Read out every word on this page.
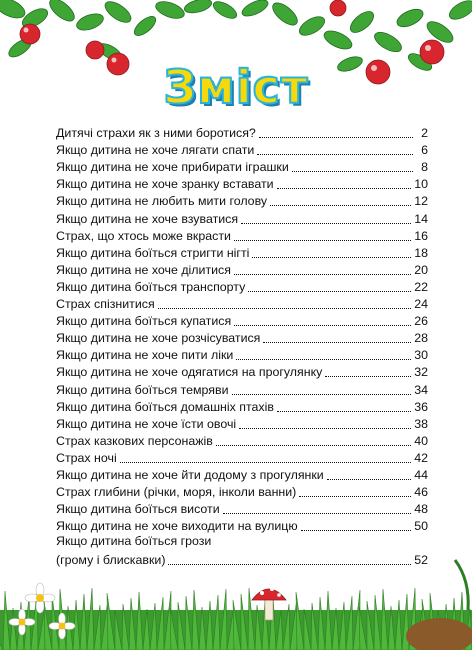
Зміст
Дитячі страхи як з ними боротися?	2
Якщо дитина не хоче лягати спати	6
Якщо дитина не хоче прибирати іграшки	8
Якщо дитина не хоче зранку вставати	10
Якщо дитина не любить мити голову	12
Якщо дитина не хоче взуватися	14
Страх, що хтось може вкрасти	16
Якщо дитина боїться стригти нігті	18
Якщо дитина не хоче ділитися	20
Якщо дитина боїться транспорту	22
Страх спізнитися	24
Якщо дитина боїться купатися	26
Якщо дитина не хоче розчісуватися	28
Якщо дитина не хоче пити ліки	30
Якщо дитина не хоче одягатися на прогулянку	32
Якщо дитина боїться темряви	34
Якщо дитина боїться домашніх птахів	36
Якщо дитина не хоче їсти овочі	38
Страх казкових персонажів	40
Страх ночі	42
Якщо дитина не хоче йти додому з прогулянки	44
Страх глибини (річки, моря, інколи ванни)	46
Якщо дитина боїться висоти	48
Якщо дитина не хоче виходити на вулицю	50
Якщо дитина боїться грози
(грому і блискавки)	52
